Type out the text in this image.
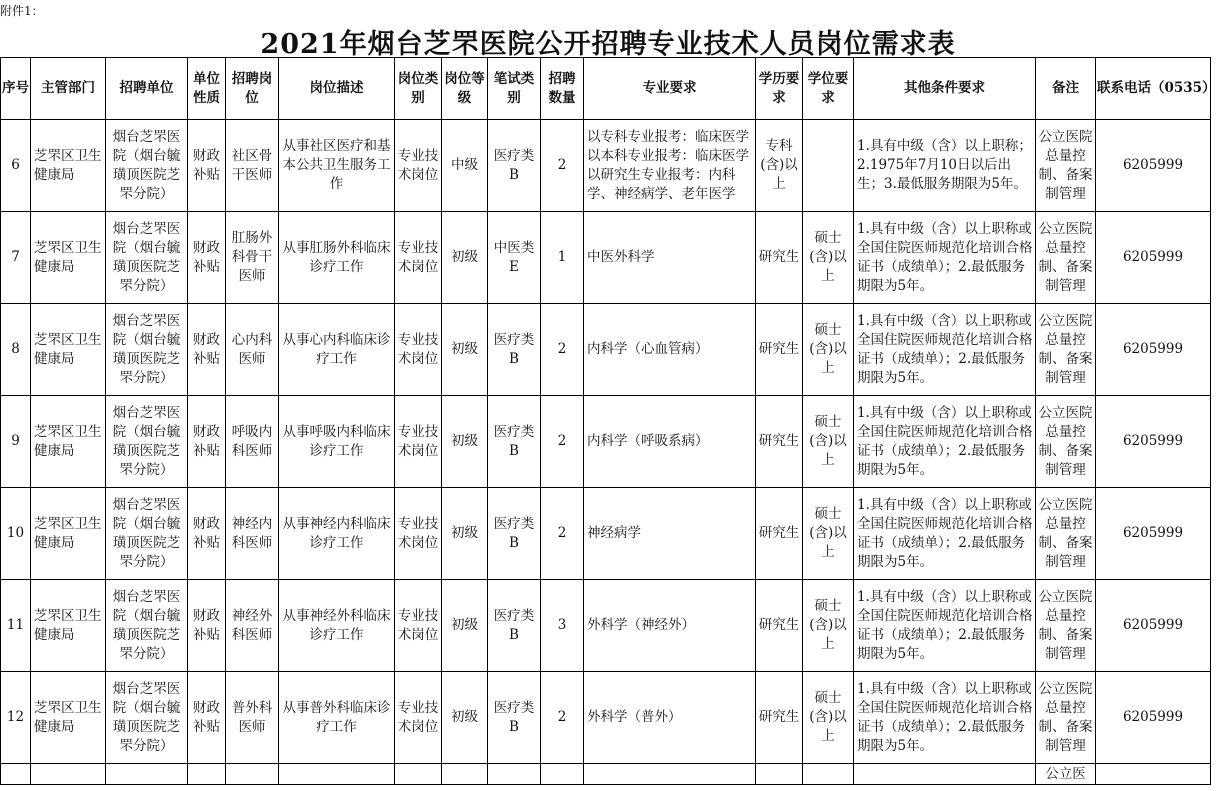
附件1：
2021年烟台芝罘医院公开招聘专业技术人员岗位需求表
序号	主管部门	招聘单位	单位性质	招聘岗位	岗位描述	岗位类别	岗位等级	笔试类别	招聘数量	专业要求	学历要求	学位要求	其他条件要求	备注	联系电话（0535）
6	芝罘区卫生健康局	烟台芝罘医院（烟台毓璜顶医院芝罘分院）	财政补贴	社区骨干医师	从事社区医疗和基本公共卫生服务工作	专业技术岗位	中级	医疗类B	2	以专科专业报考：临床医学 以本科专业报考：临床医学 以研究生专业报考：内科学、神经病学、老年医学	专科(含)以上		1.具有中级（含）以上职称；2.1975年7月10日以后出生；3.最低服务期限为5年。	公立医院总量控制、备案制管理	6205999
7	芝罘区卫生健康局	烟台芝罘医院（烟台毓璜顶医院芝罘分院）	财政补贴	肛肠外科骨干医师	从事肛肠外科临床诊疗工作	专业技术岗位	初级	中医类E	1	中医外科学	研究生	硕士(含)以上	1.具有中级（含）以上职称或全国住院医师规范化培训合格证书（成绩单）；2.最低服务期限为5年。	公立医院总量控制、备案制管理	6205999
8	芝罘区卫生健康局	烟台芝罘医院（烟台毓璜顶医院芝罘分院）	财政补贴	心内科医师	从事心内科临床诊疗工作	专业技术岗位	初级	医疗类B	2	内科学（心血管病）	研究生	硕士(含)以上	1.具有中级（含）以上职称或全国住院医师规范化培训合格证书（成绩单）；2.最低服务期限为5年。	公立医院总量控制、备案制管理	6205999
9	芝罘区卫生健康局	烟台芝罘医院（烟台毓璜顶医院芝罘分院）	财政补贴	呼吸内科医师	从事呼吸内科临床诊疗工作	专业技术岗位	初级	医疗类B	2	内科学（呼吸系病）	研究生	硕士(含)以上	1.具有中级（含）以上职称或全国住院医师规范化培训合格证书（成绩单）；2.最低服务期限为5年。	公立医院总量控制、备案制管理	6205999
10	芝罘区卫生健康局	烟台芝罘医院（烟台毓璜顶医院芝罘分院）	财政补贴	神经内科医师	从事神经内科临床诊疗工作	专业技术岗位	初级	医疗类B	2	神经病学	研究生	硕士(含)以上	1.具有中级（含）以上职称或全国住院医师规范化培训合格证书（成绩单）；2.最低服务期限为5年。	公立医院总量控制、备案制管理	6205999
11	芝罘区卫生健康局	烟台芝罘医院（烟台毓璜顶医院芝罘分院）	财政补贴	神经外科医师	从事神经外科临床诊疗工作	专业技术岗位	初级	医疗类B	3	外科学（神经外）	研究生	硕士(含)以上	1.具有中级（含）以上职称或全国住院医师规范化培训合格证书（成绩单）；2.最低服务期限为5年。	公立医院总量控制、备案制管理	6205999
12	芝罘区卫生健康局	烟台芝罘医院（烟台毓璜顶医院芝罘分院）	财政补贴	普外科医师	从事普外科临床诊疗工作	专业技术岗位	初级	医疗类B	2	外科学（普外）	研究生	硕士(含)以上	1.具有中级（含）以上职称或全国住院医师规范化培训合格证书（成绩单）；2.最低服务期限为5年。	公立医院总量控制、备案制管理	6205999
														公立医	
